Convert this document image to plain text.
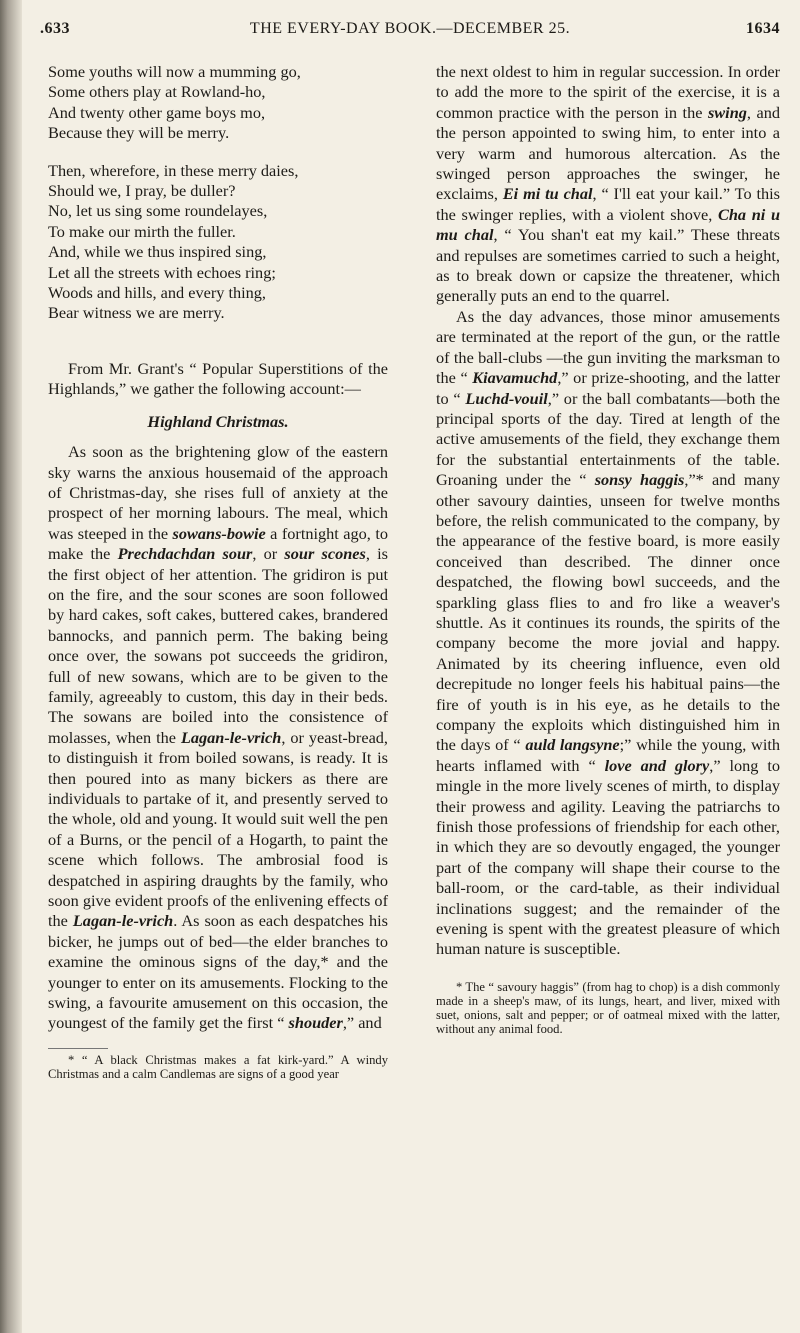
.633	THE EVERY-DAY BOOK.—DECEMBER 25.	1634
Some youths will now a mumming go,
Some others play at Rowland-ho,
And twenty other game boys mo,
Because they will be merry.
Then, wherefore, in these merry daies,
Should we, I pray, be duller?
No, let us sing some roundelayes,
To make our mirth the fuller.
And, while we thus inspired sing,
Let all the streets with echoes ring;
Woods and hills, and every thing,
Bear witness we are merry.

From Mr. Grant's “ Popular Superstitions of the Highlands,” we gather the following account:—

Highland Christmas.

As soon as the brightening glow of the eastern sky warns the anxious housemaid of the approach of Christmas-day, she rises full of anxiety at the prospect of her morning labours. The meal, which was steeped in the sowans-bowie a fortnight ago, to make the Prechdachdan sour, or sour scones, is the first object of her attention. The gridiron is put on the fire, and the sour scones are soon followed by hard cakes, soft cakes, buttered cakes, brandered bannocks, and pannich perm. The baking being once over, the sowans pot succeeds the gridiron, full of new sowans, which are to be given to the family, agreeably to custom, this day in their beds. The sowans are boiled into the consistence of molasses, when the Lagan-le-vrich, or yeast-bread, to distinguish it from boiled sowans, is ready. It is then poured into as many bickers as there are individuals to partake of it, and presently served to the whole, old and young. It would suit well the pen of a Burns, or the pencil of a Hogarth, to paint the scene which follows. The ambrosial food is despatched in aspiring draughts by the family, who soon give evident proofs of the enlivening effects of the Lagan-le-vrich. As soon as each despatches his bicker, he jumps out of bed—the elder branches to examine the ominous signs of the day,* and the younger to enter on its amusements. Flocking to the swing, a favourite amusement on this occasion, the youngest of the family get the first “ shouder,” and

* “ A black Christmas makes a fat kirk-yard.” A windy Christmas and a calm Candlemas are signs of a good year

the next oldest to him in regular succession. In order to add the more to the spirit of the exercise, it is a common practice with the person in the swing, and the person appointed to swing him, to enter into a very warm and humorous altercation. As the swinged person approaches the swinger, he exclaims, Ei mi tu chal, “ I'll eat your kail.” To this the swinger replies, with a violent shove, Cha ni u mu chal, “ You shan't eat my kail.” These threats and repulses are sometimes carried to such a height, as to break down or capsize the threatener, which generally puts an end to the quarrel.

As the day advances, those minor amusements are terminated at the report of the gun, or the rattle of the ball-clubs —the gun inviting the marksman to the “ Kiavamuchd,” or prize-shooting, and the latter to “ Luchd-vouil,” or the ball combatants—both the principal sports of the day. Tired at length of the active amusements of the field, they exchange them for the substantial entertainments of the table. Groaning under the “ sonsy haggis,”* and many other savoury dainties, unseen for twelve months before, the relish communicated to the company, by the appearance of the festive board, is more easily conceived than described. The dinner once despatched, the flowing bowl succeeds, and the sparkling glass flies to and fro like a weaver's shuttle. As it continues its rounds, the spirits of the company become the more jovial and happy. Animated by its cheering influence, even old decrepitude no longer feels his habitual pains—the fire of youth is in his eye, as he details to the company the exploits which distinguished him in the days of “ auld langsyne;” while the young, with hearts inflamed with “ love and glory,” long to mingle in the more lively scenes of mirth, to display their prowess and agility. Leaving the patriarchs to finish those professions of friendship for each other, in which they are so devoutly engaged, the younger part of the company will shape their course to the ball-room, or the card-table, as their individual inclinations suggest; and the remainder of the evening is spent with the greatest pleasure of which human nature is susceptible.

* The “ savoury haggis” (from hag to chop) is a dish commonly made in a sheep's maw, of its lungs, heart, and liver, mixed with suet, onions, salt and pepper; or of oatmeal mixed with the latter, without any animal food.
